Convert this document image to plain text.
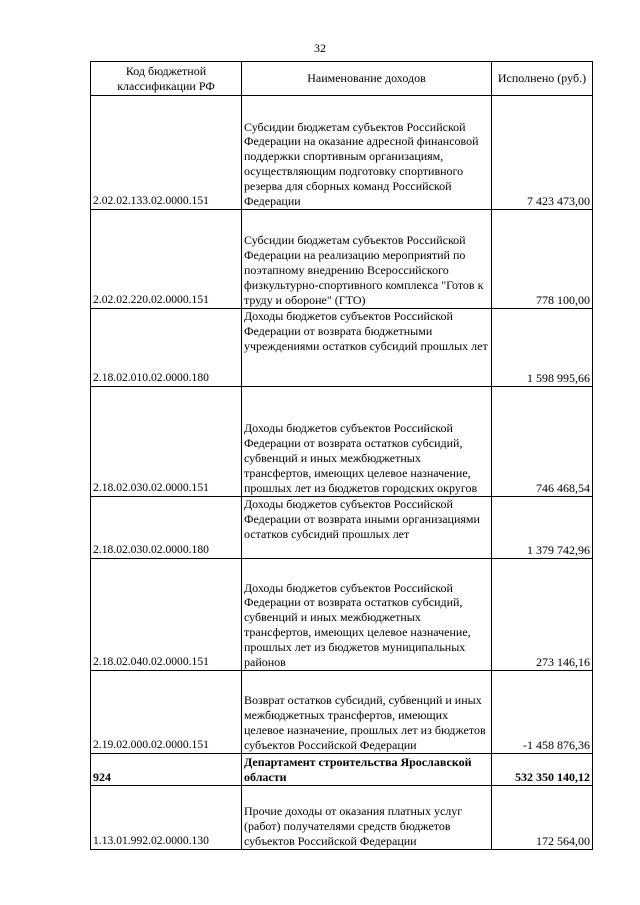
32
Код бюджетной классификации РФ	Наименование доходов	Исполнено (руб.)
2.02.02.133.02.0000.151	Субсидии бюджетам субъектов Российской Федерации на оказание адресной финансовой поддержки спортивным организациям, осуществляющим подготовку спортивного резерва для сборных команд Российской Федерации	7 423 473,00
2.02.02.220.02.0000.151	Субсидии бюджетам субъектов Российской Федерации на реализацию мероприятий по поэтапному внедрению Всероссийского физкультурно-спортивного комплекса "Готов к труду и обороне" (ГТО)	778 100,00
2.18.02.010.02.0000.180	Доходы бюджетов субъектов Российской Федерации от возврата бюджетными учреждениями остатков субсидий прошлых лет	1 598 995,66
2.18.02.030.02.0000.151	Доходы бюджетов субъектов Российской Федерации от возврата остатков субсидий, субвенций и иных межбюджетных трансфертов, имеющих целевое назначение, прошлых лет из бюджетов городских округов	746 468,54
2.18.02.030.02.0000.180	Доходы бюджетов субъектов Российской Федерации от возврата иными организациями остатков субсидий прошлых лет	1 379 742,96
2.18.02.040.02.0000.151	Доходы бюджетов субъектов Российской Федерации от возврата остатков субсидий, субвенций и иных межбюджетных трансфертов, имеющих целевое назначение, прошлых лет из бюджетов муниципальных районов	273 146,16
2.19.02.000.02.0000.151	Возврат остатков субсидий, субвенций и иных межбюджетных трансфертов, имеющих целевое назначение, прошлых лет из бюджетов субъектов Российской Федерации	-1 458 876,36
924	Департамент строительства Ярославской области	532 350 140,12
1.13.01.992.02.0000.130	Прочие доходы от оказания платных услуг (работ) получателями средств бюджетов субъектов Российской Федерации	172 564,00
